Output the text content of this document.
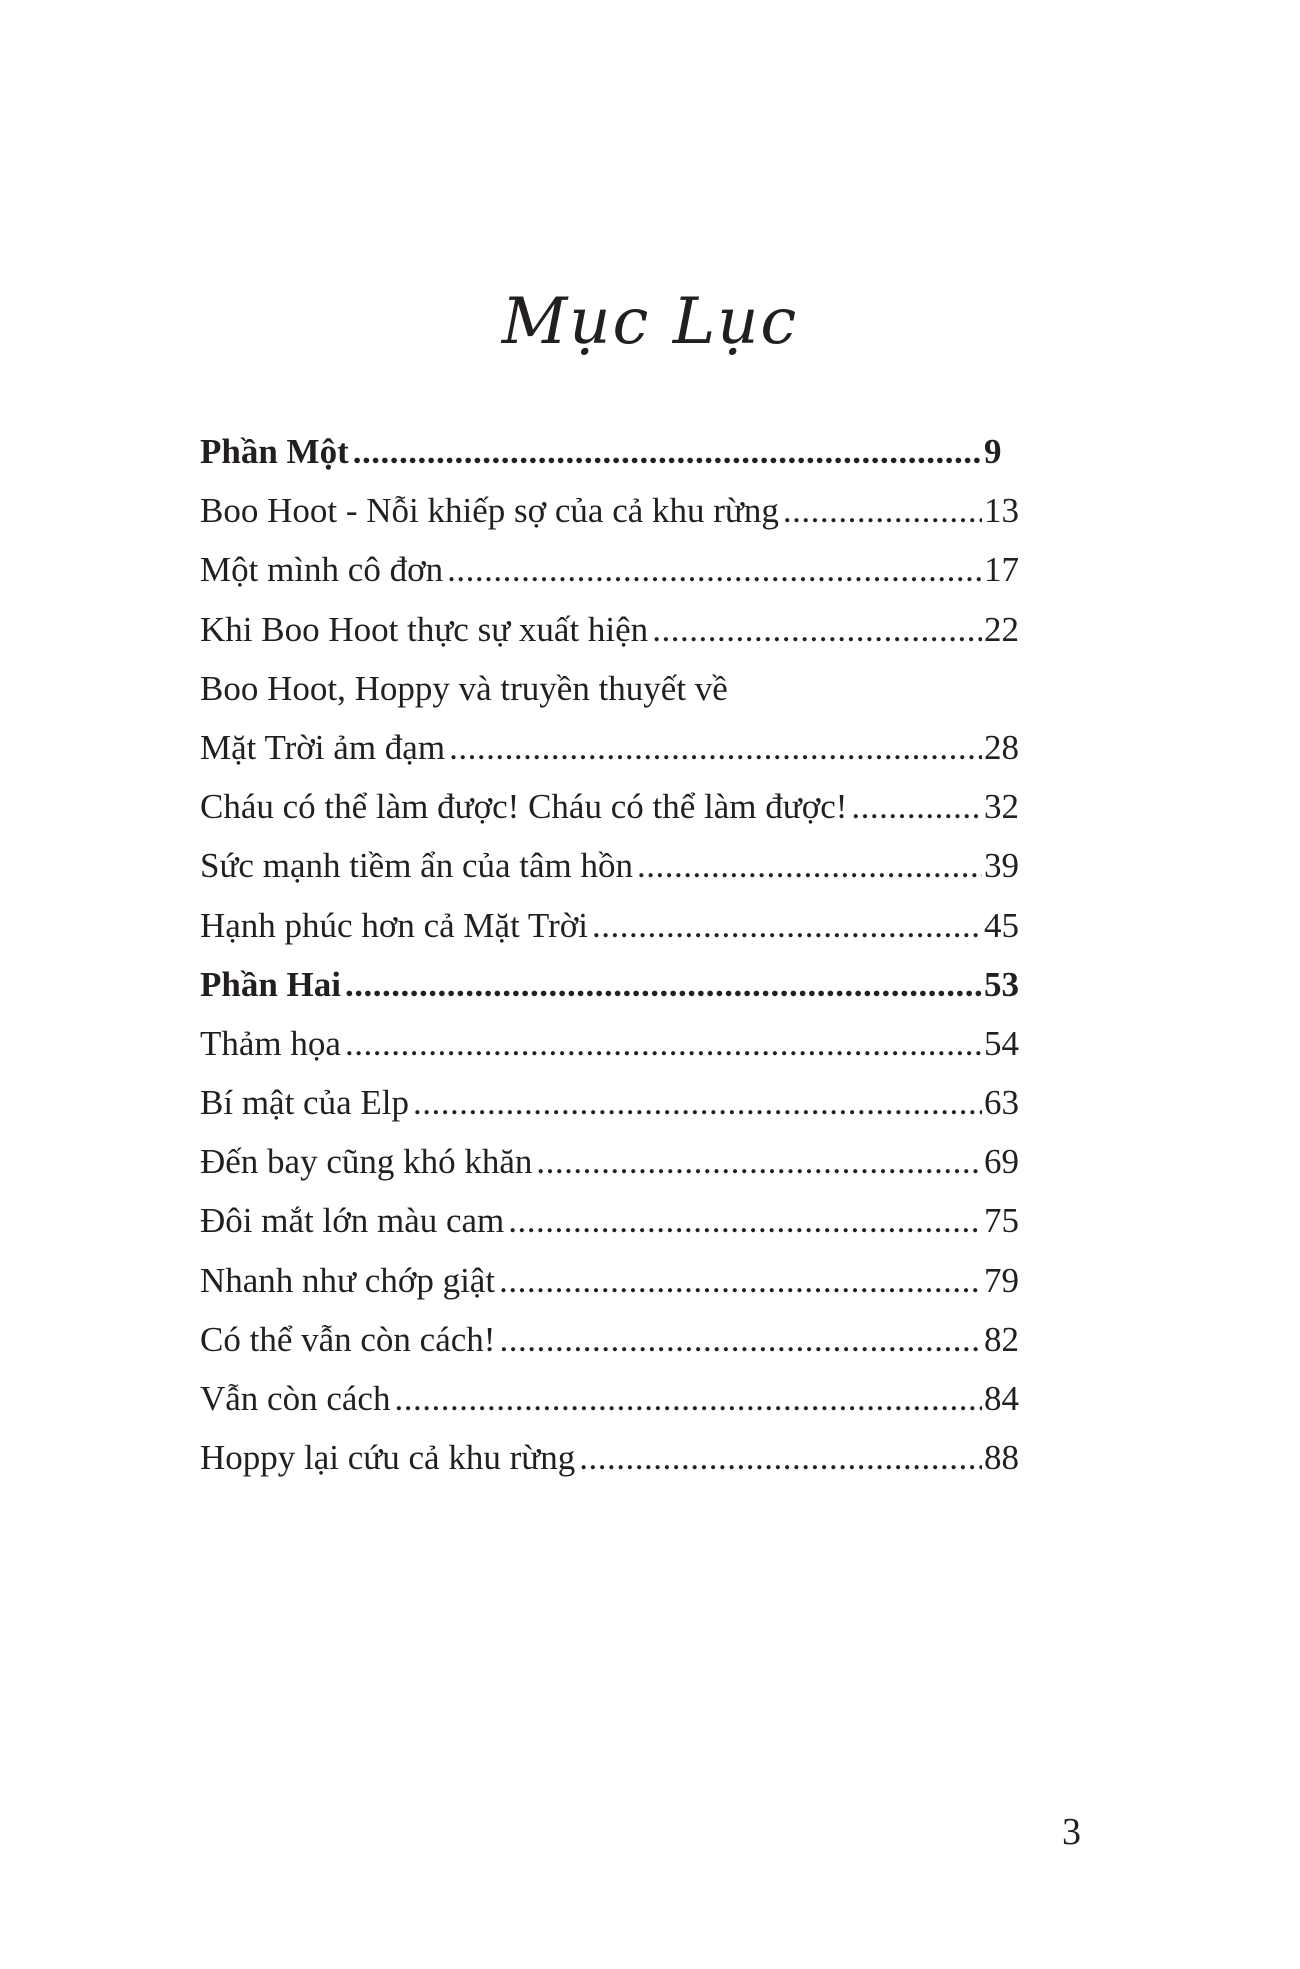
Mục Lục
Phần Một .....	9
Boo Hoot - Nỗi khiếp sợ của cả khu rừng .....	13
Một mình cô đơn .....	17
Khi Boo Hoot thực sự xuất hiện .....	22
Boo Hoot, Hoppy và truyền thuyết về
Mặt Trời ảm đạm .....	28
Cháu có thể làm được! Cháu có thể làm được! .....	32
Sức mạnh tiềm ẩn của tâm hồn .....	39
Hạnh phúc hơn cả Mặt Trời .....	45
Phần Hai .....	53
Thảm họa .....	54
Bí mật của Elp .....	63
Đến bay cũng khó khăn .....	69
Đôi mắt lớn màu cam .....	75
Nhanh như chớp giật .....	79
Có thể vẫn còn cách! .....	82
Vẫn còn cách .....	84
Hoppy lại cứu cả khu rừng .....	88
3
